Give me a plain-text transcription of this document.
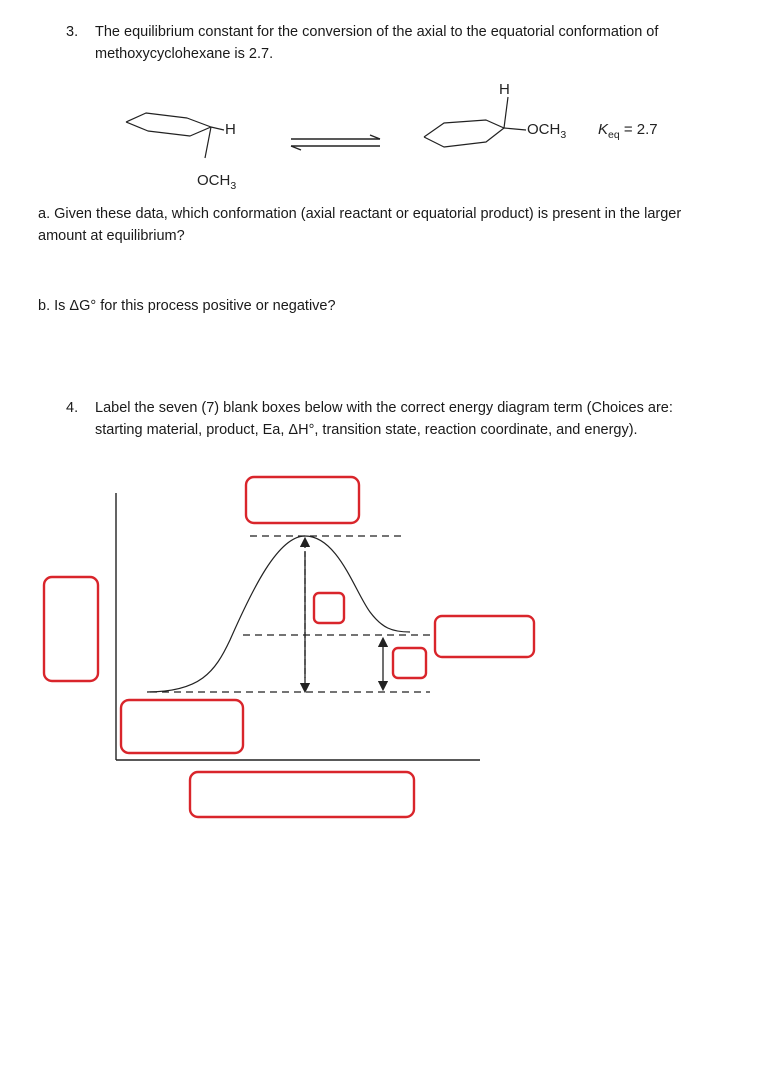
3. The equilibrium constant for the conversion of the axial to the equatorial conformation of
methoxycyclohexane is 2.7.
H
$OCH_3$
H
$OCH_3$ $K_{eq} = 2.7$
a. Given these data, which conformation (axial reactant or equatorial product) is present in the larger
amount at equilibrium?
b. Is ΔG° for this process positive or negative?
4. Label the seven (7) blank boxes below with the correct energy diagram term (Choices are:
starting material, product, Ea, ΔH°, transition state, reaction coordinate, and energy).
